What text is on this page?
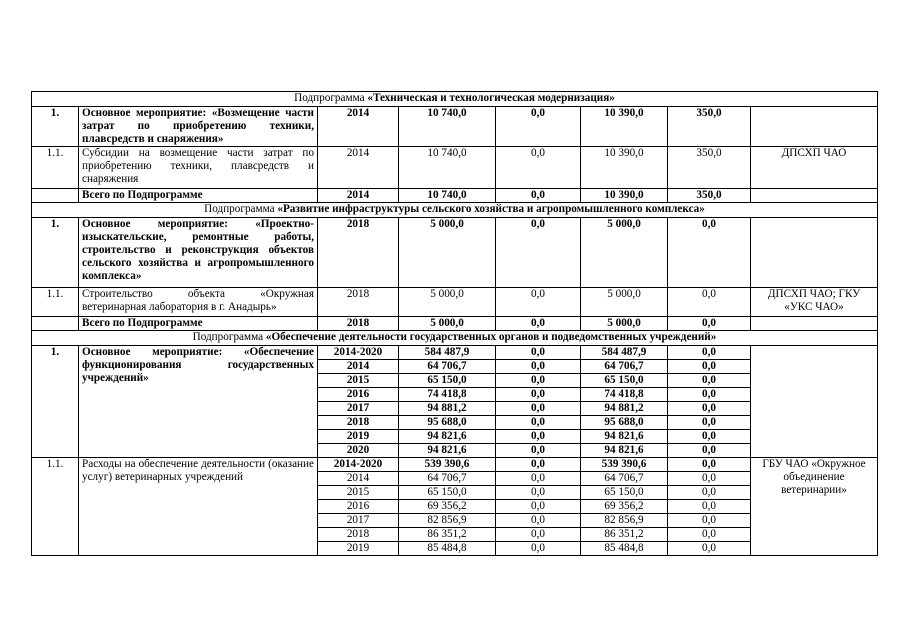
Подпрограмма «Техническая и технологическая модернизация»							
1.	Основное мероприятие: «Возмещение части затрат по приобретению техники, плавсредств и снаряжения»	2014	10 740,0	0,0	10 390,0	350,0	
1.1.	Субсидии на возмещение части затрат по приобретению техники, плавсредств и снаряжения	2014	10 740,0	0,0	10 390,0	350,0	ДПСХП ЧАО
	Всего по Подпрограмме	2014	10 740,0	0,0	10 390,0	350,0	
Подпрограмма «Развитие инфраструктуры сельского хозяйства и агропромышленного комплекса»							
1.	Основное мероприятие: «Проектно-изыскательские, ремонтные работы, строительство и реконструкция объектов сельского хозяйства и агропромышленного комплекса»	2018	5 000,0	0,0	5 000,0	0,0	
1.1.	Строительство объекта «Окружная ветеринарная лаборатория в г. Анадырь»	2018	5 000,0	0,0	5 000,0	0,0	ДПСХП ЧАО; ГКУ «УКС ЧАО»
	Всего по Подпрограмме	2018	5 000,0	0,0	5 000,0	0,0	
Подпрограмма «Обеспечение деятельности государственных органов и подведомственных учреждений»							
1.	Основное мероприятие: «Обеспечение функционирования государственных учреждений»	2014-2020	584 487,9	0,0	584 487,9	0,0	
		2014	64 706,7	0,0	64 706,7	0,0	
		2015	65 150,0	0,0	65 150,0	0,0	
		2016	74 418,8	0,0	74 418,8	0,0	
		2017	94 881,2	0,0	94 881,2	0,0	
		2018	95 688,0	0,0	95 688,0	0,0	
		2019	94 821,6	0,0	94 821,6	0,0	
		2020	94 821,6	0,0	94 821,6	0,0	
1.1.	Расходы на обеспечение деятельности (оказание услуг) ветеринарных учреждений	2014-2020	539 390,6	0,0	539 390,6	0,0	ГБУ ЧАО «Окружное объединение ветеринарии»
		2014	64 706,7	0,0	64 706,7	0,0	
		2015	65 150,0	0,0	65 150,0	0,0	
		2016	69 356,2	0,0	69 356,2	0,0	
		2017	82 856,9	0,0	82 856,9	0,0	
		2018	86 351,2	0,0	86 351,2	0,0	
		2019	85 484,8	0,0	85 484,8	0,0	
